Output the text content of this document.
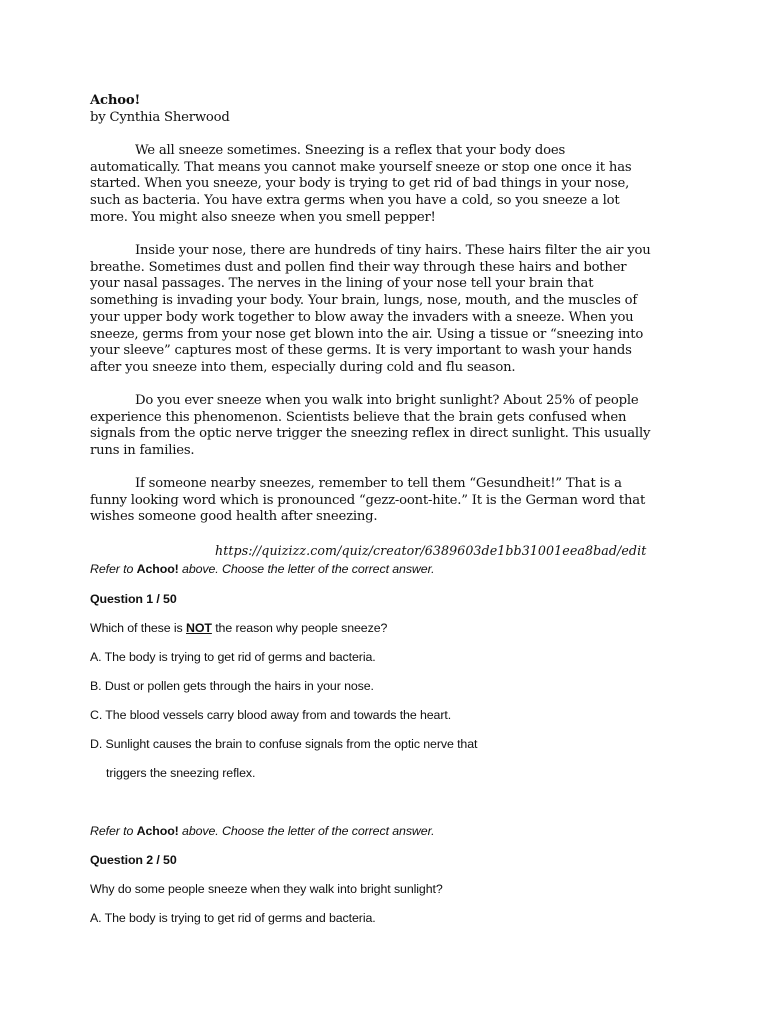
Achoo!
by Cynthia Sherwood
We all sneeze sometimes. Sneezing is a reflex that your body does
automatically. That means you cannot make yourself sneeze or stop one once it has
started. When you sneeze, your body is trying to get rid of bad things in your nose,
such as bacteria. You have extra germs when you have a cold, so you sneeze a lot
more. You might also sneeze when you smell pepper!
Inside your nose, there are hundreds of tiny hairs. These hairs filter the air you
breathe. Sometimes dust and pollen find their way through these hairs and bother
your nasal passages. The nerves in the lining of your nose tell your brain that
something is invading your body. Your brain, lungs, nose, mouth, and the muscles of
your upper body work together to blow away the invaders with a sneeze. When you
sneeze, germs from your nose get blown into the air. Using a tissue or “sneezing into
your sleeve” captures most of these germs. It is very important to wash your hands
after you sneeze into them, especially during cold and flu season.
Do you ever sneeze when you walk into bright sunlight? About 25% of people
experience this phenomenon. Scientists believe that the brain gets confused when
signals from the optic nerve trigger the sneezing reflex in direct sunlight. This usually
runs in families.
If someone nearby sneezes, remember to tell them “Gesundheit!” That is a
funny looking word which is pronounced “gezz-oont-hite.” It is the German word that
wishes someone good health after sneezing.
https://quizizz.com/quiz/creator/6389603de1bb31001eea8bad/edit
Refer to Achoo! above. Choose the letter of the correct answer.
Question 1 / 50
Which of these is NOT the reason why people sneeze?
A. The body is trying to get rid of germs and bacteria.
B. Dust or pollen gets through the hairs in your nose.
C. The blood vessels carry blood away from and towards the heart.
D. Sunlight causes the brain to confuse signals from the optic nerve that
triggers the sneezing reflex.
Refer to Achoo! above. Choose the letter of the correct answer.
Question 2 / 50
Why do some people sneeze when they walk into bright sunlight?
A. The body is trying to get rid of germs and bacteria.
